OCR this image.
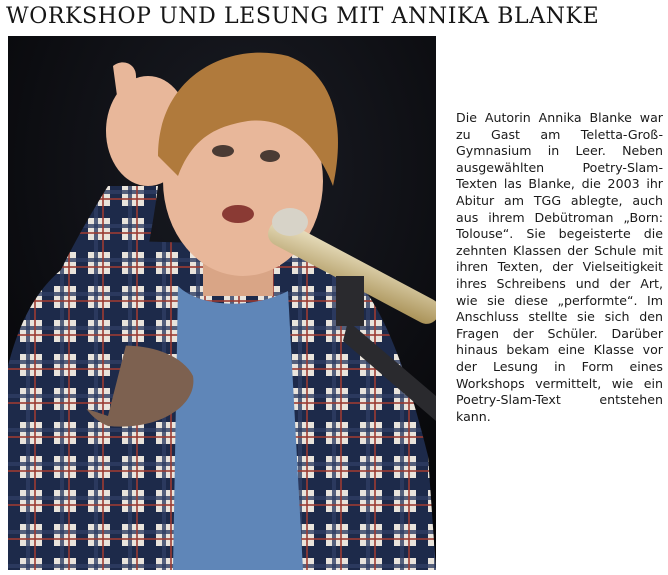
WORKSHOP UND LESUNG MIT ANNIKA BLANKE
Die Autorin Annika Blanke war zu Gast am Teletta-Groß-Gymnasium in Leer. Neben ausgewählten Poetry-Slam-Texten las Blanke, die 2003 ihr Abitur am TGG ablegte, auch aus ihrem Debütroman „Born: Tolouse“. Sie begeisterte die zehnten Klassen der Schule mit ihren Texten, der Vielseitigkeit ihres Schreibens und der Art, wie sie diese „performte“. Im Anschluss stellte sie sich den Fragen der Schüler. Darüber hinaus bekam eine Klasse vor der Lesung in Form eines Workshops vermittelt, wie ein Poetry-Slam-Text entstehen kann.
